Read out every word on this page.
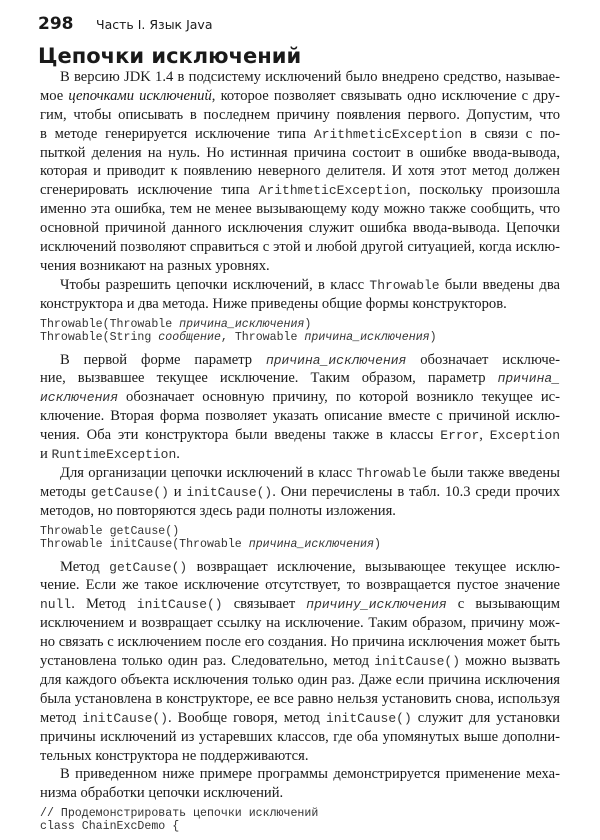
298 Часть I. Язык Java
Цепочки исключений
В версию JDK 1.4 в подсистему исключений было внедрено средство, называе-
мое цепочками исключений, которое позволяет связывать одно исключение с дру-
гим, чтобы описывать в последнем причину появления первого. Допустим, что
в методе генерируется исключение типа ArithmeticException в связи с по-
пыткой деления на нуль. Но истинная причина состоит в ошибке ввода-вывода,
которая и приводит к появлению неверного делителя. И хотя этот метод должен
сгенерировать исключение типа ArithmeticException, поскольку произошла
именно эта ошибка, тем не менее вызывающему коду можно также сообщить, что
основной причиной данного исключения служит ошибка ввода-вывода. Цепочки
исключений позволяют справиться с этой и любой другой ситуацией, когда исклю-
чения возникают на разных уровнях.
Чтобы разрешить цепочки исключений, в класс Throwable были введены два
конструктора и два метода. Ниже приведены общие формы конструкторов.
Throwable(Throwable причина_исключения)
Throwable(String сообщение, Throwable причина_исключения)
В первой форме параметр причина_исключения обозначает исключе-
ние, вызвавшее текущее исключение. Таким образом, параметр причина_
исключения обозначает основную причину, по которой возникло текущее ис-
ключение. Вторая форма позволяет указать описание вместе с причиной исклю-
чения. Оба эти конструктора были введены также в классы Error, Exception
и RuntimeException.
Для организации цепочки исключений в класс Throwable были также введены
методы getCause() и initCause(). Они перечислены в табл. 10.3 среди прочих
методов, но повторяются здесь ради полноты изложения.
Throwable getCause()
Throwable initCause(Throwable причина_исключения)
Метод getCause() возвращает исключение, вызывающее текущее исклю-
чение. Если же такое исключение отсутствует, то возвращается пустое значение
null. Метод initCause() связывает причину_исключения с вызывающим
исключением и возвращает ссылку на исключение. Таким образом, причину мож-
но связать с исключением после его создания. Но причина исключения может быть
установлена только один раз. Следовательно, метод initCause() можно вызвать
для каждого объекта исключения только один раз. Даже если причина исключения
была установлена в конструкторе, ее все равно нельзя установить снова, используя
метод initCause(). Вообще говоря, метод initCause() служит для установки
причины исключений из устаревших классов, где оба упомянутых выше дополни-
тельных конструктора не поддерживаются.
В приведенном ниже примере программы демонстрируется применение меха-
низма обработки цепочки исключений.
// Продемонстрировать цепочки исключений
class ChainExcDemo {
